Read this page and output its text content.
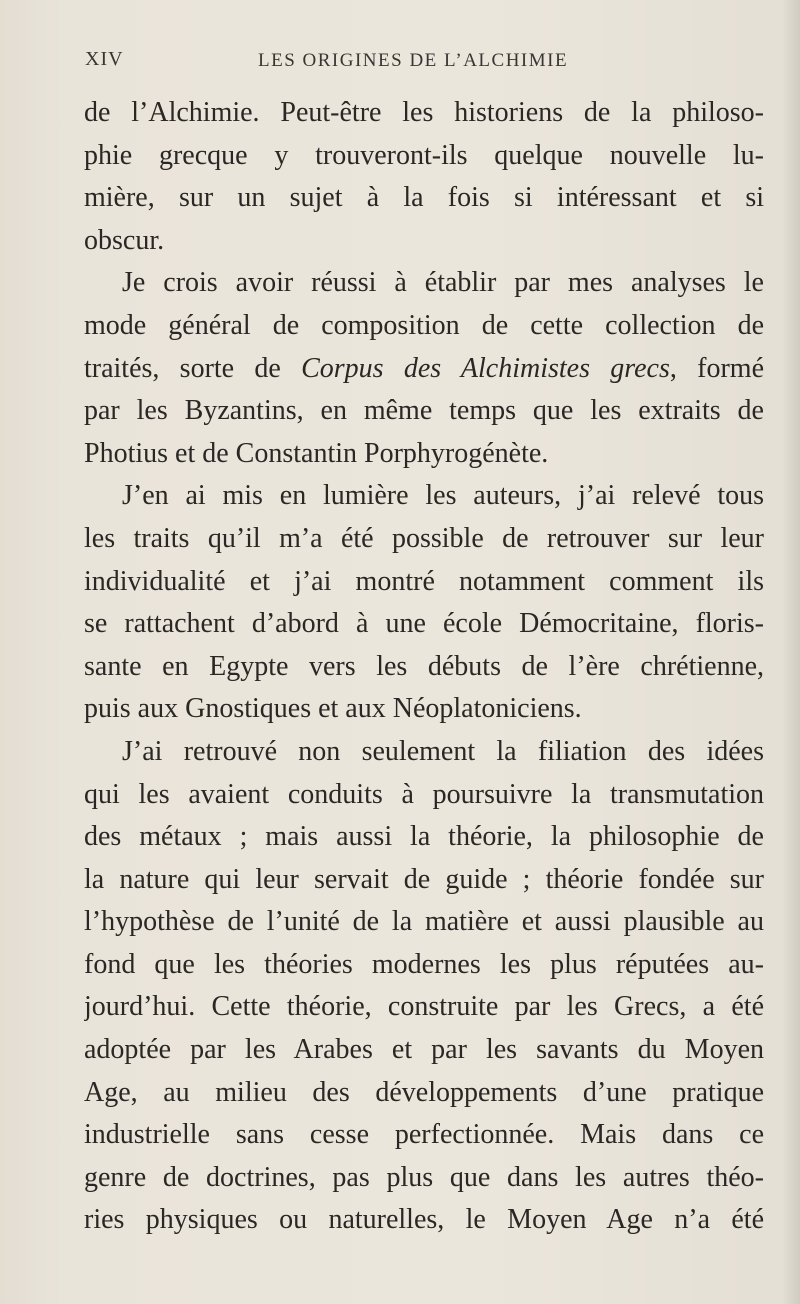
XIV	LES ORIGINES DE L’ALCHIMIE
de l’Alchimie. Peut-être les historiens de la philoso-
phie grecque y trouveront-ils quelque nouvelle lu-
mière, sur un sujet à la fois si intéressant et si
obscur.
Je crois avoir réussi à établir par mes analyses le
mode général de composition de cette collection de
traités, sorte de Corpus des Alchimistes grecs, formé
par les Byzantins, en même temps que les extraits de
Photius et de Constantin Porphyrogénète.
J’en ai mis en lumière les auteurs, j’ai relevé tous
les traits qu’il m’a été possible de retrouver sur leur
individualité et j’ai montré notamment comment ils
se rattachent d’abord à une école Démocritaine, floris-
sante en Egypte vers les débuts de l’ère chrétienne,
puis aux Gnostiques et aux Néoplatoniciens.
J’ai retrouvé non seulement la filiation des idées
qui les avaient conduits à poursuivre la transmutation
des métaux ; mais aussi la théorie, la philosophie de
la nature qui leur servait de guide ; théorie fondée sur
l’hypothèse de l’unité de la matière et aussi plausible au
fond que les théories modernes les plus réputées au-
jourd’hui. Cette théorie, construite par les Grecs, a été
adoptée par les Arabes et par les savants du Moyen
Age, au milieu des développements d’une pratique
industrielle sans cesse perfectionnée. Mais dans ce
genre de doctrines, pas plus que dans les autres théo-
ries physiques ou naturelles, le Moyen Age n’a été
